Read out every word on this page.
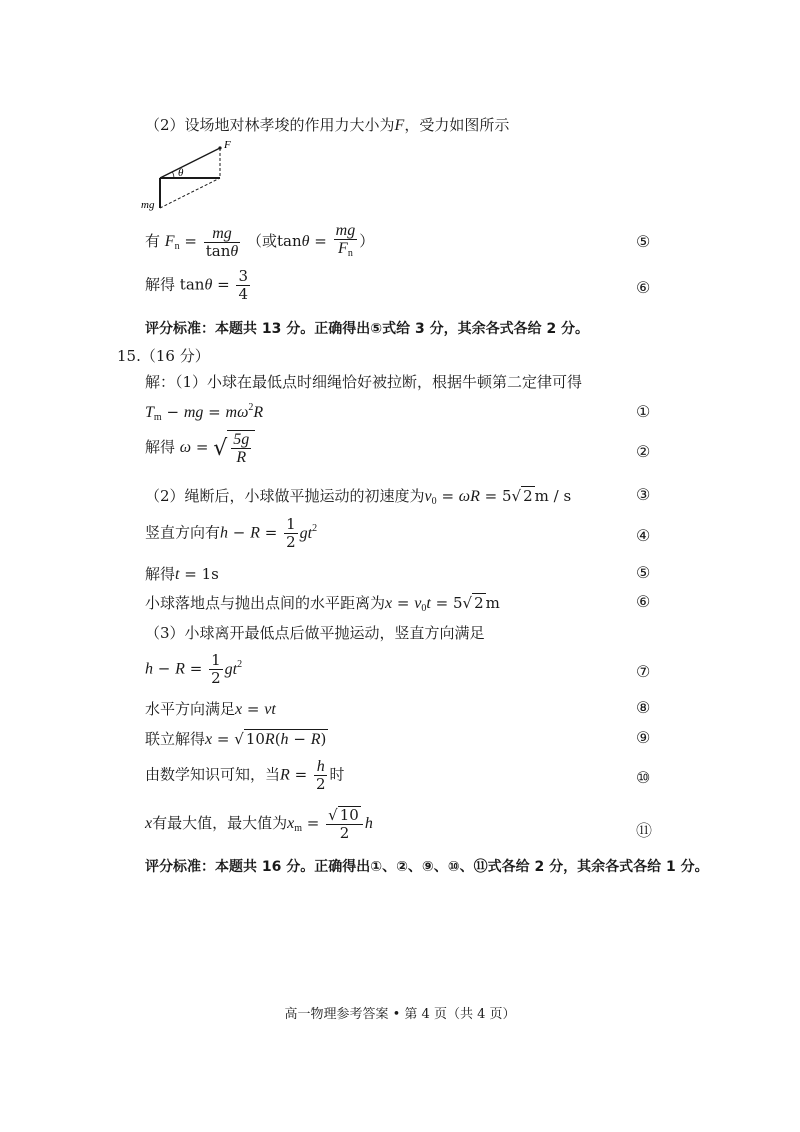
（2）设场地对林孝埈的作用力大小为F，受力如图所示
F
θ
mg
有 $F_n = \frac{mg}{\tan\theta}$ （或$\tan\theta = \frac{mg}{F_n}$ ）	⑤
解得 $\tan\theta = \frac{3}{4}$	⑥
评分标准：本题共 13 分。正确得出⑤式给 3 分，其余各式各给 2 分。
15.（16 分）
解：（1）小球在最低点时细绳恰好被拉断，根据牛顿第二定律可得
$T_m$ − mg = $m\omega^2R$	①
解得 ω = √ $\frac{5g}{R}$	②
（2）绳断后，小球做平抛运动的初速度为$v_0 = \omega R = 5√$ 2 m / s	③
竖直方向有$h - R = \frac{1}{2} gt^2$	④
解得t = 1s	⑤
小球落地点与抛出点间的水平距离为$x = v_0t = 5√$ 2 m	⑥
（3）小球离开最低点后做平抛运动，竖直方向满足
$h - R = \frac{1}{2} gt^2$	⑦
水平方向满足x = vt	⑧
联立解得x = √ 10R(h − R)	⑨
由数学知识可知，当$R = \frac{h}{2}$ 时	⑩
x有最大值，最大值为$x_m = \frac{√ 10}{2}$ h	⑪
评分标准：本题共 16 分。正确得出①、②、⑨、⑩、⑪式各给 2 分，其余各式各给 1 分。
高一物理参考答案 • 第 4 页（共 4 页）
